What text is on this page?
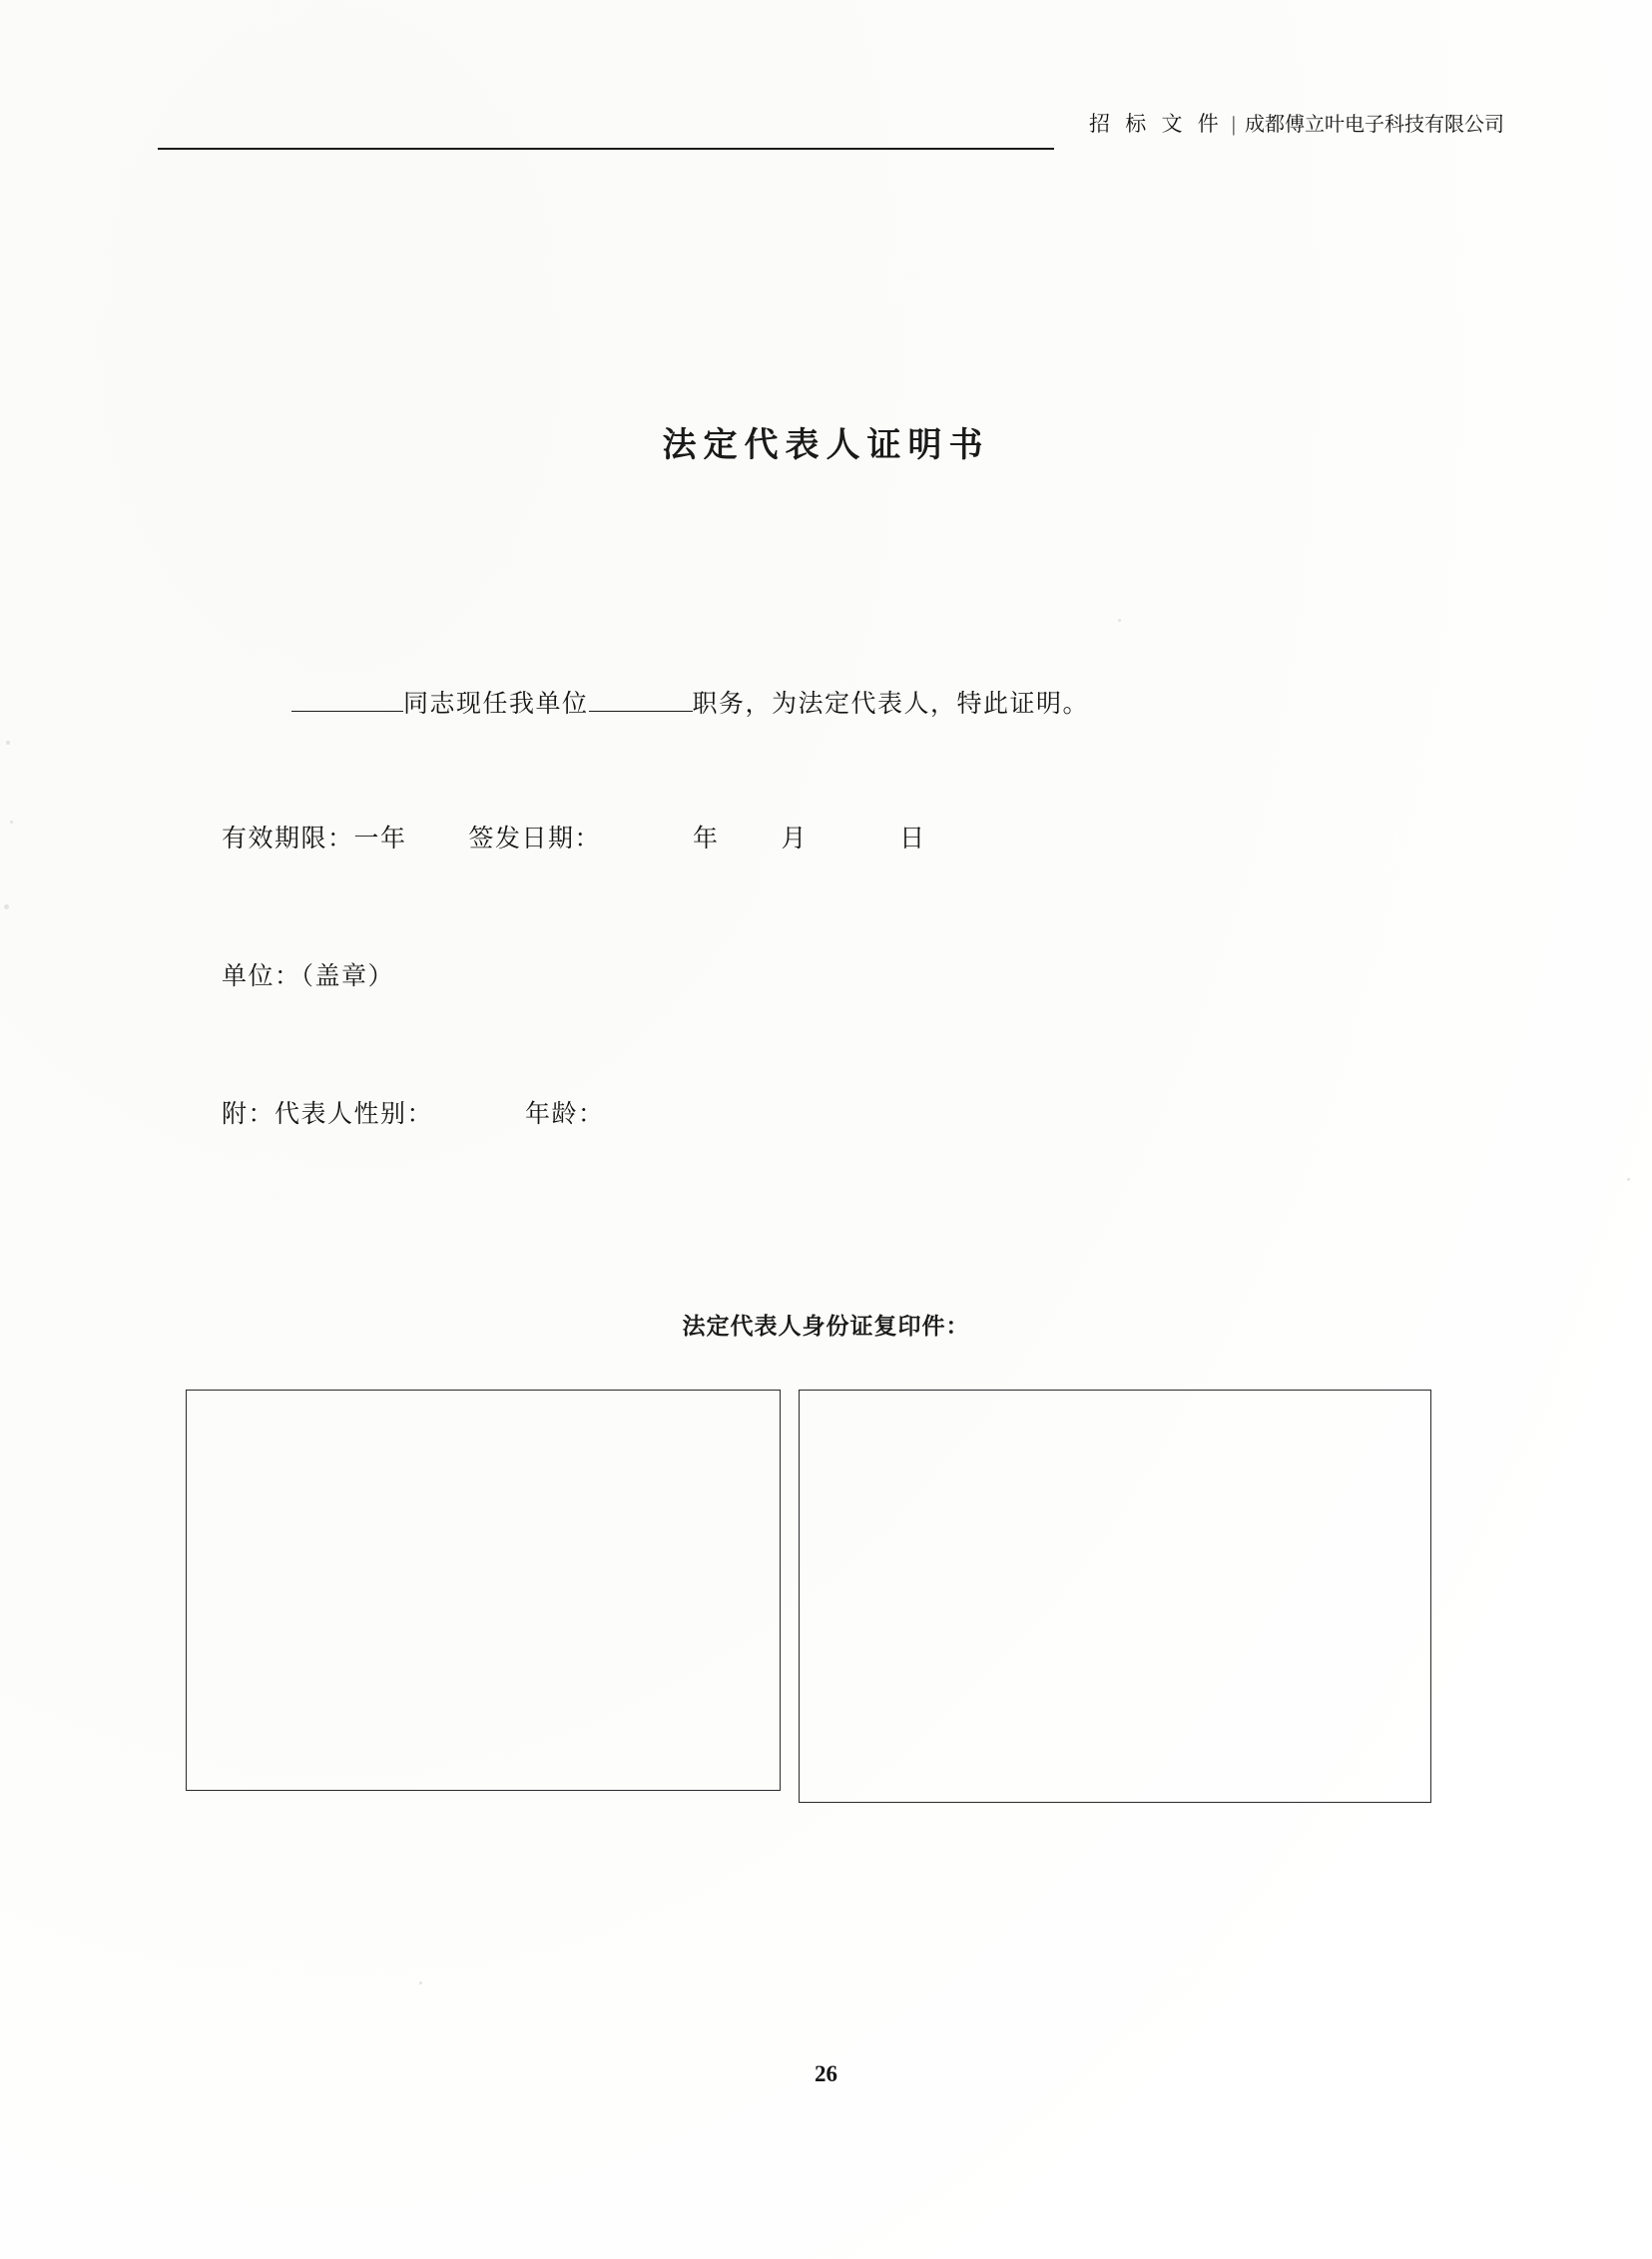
招 标 文 件 | 成都傅立叶电子科技有限公司
法定代表人证明书
同志现任我单位	职务，为法定代表人，特此证明。
有效期限：一年 签发日期：	年 月	日
单位：（盖章）
附：代表人性别：	年龄：
法定代表人身份证复印件：
26
